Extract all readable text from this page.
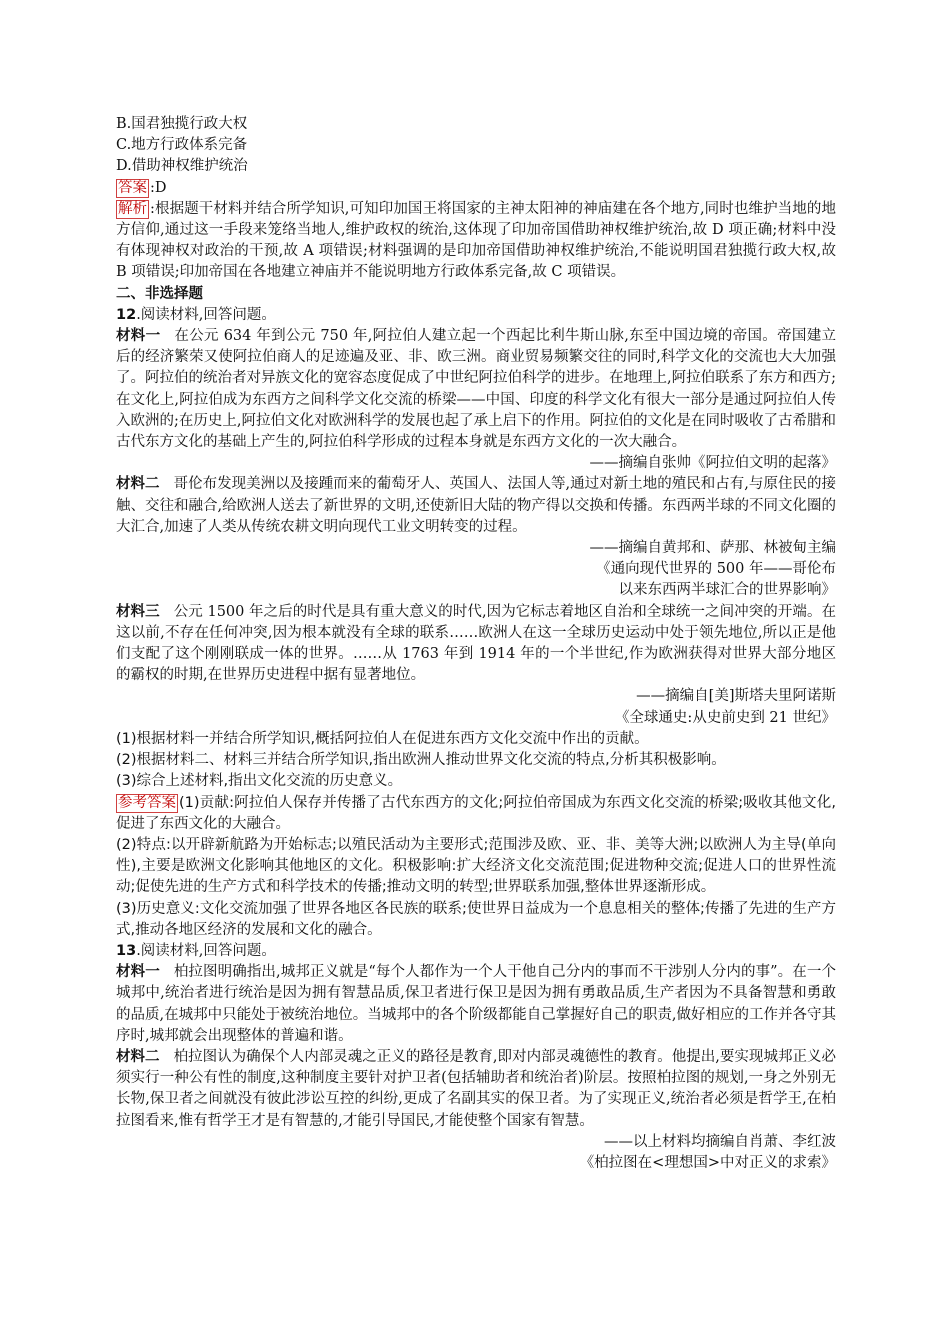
B.国君独揽行政大权
C.地方行政体系完备
D.借助神权维护统治
答案 :D

解析 :根据题干材料并结合所学知识,可知印加国王将国家的主神太阳神的神庙建在各个地方,同时也维护当地的地方信仰,通过这一手段来笼络当地人,维护政权的统治,这体现了印加帝国借助神权维护统治,故 D 项正确;材料中没有体现神权对政治的干预,故 A 项错误;材料强调的是印加帝国借助神权维护统治,不能说明国君独揽行政大权,故 B 项错误;印加帝国在各地建立神庙并不能说明地方行政体系完备,故 C 项错误。

二、非选择题
12.阅读材料,回答问题。

材料一 在公元 634 年到公元 750 年,阿拉伯人建立起一个西起比利牛斯山脉,东至中国边境的帝国。帝国建立后的经济繁荣又使阿拉伯商人的足迹遍及亚、非、欧三洲。商业贸易频繁交往的同时,科学文化的交流也大大加强了。阿拉伯的统治者对异族文化的宽容态度促成了中世纪阿拉伯科学的进步。在地理上,阿拉伯联系了东方和西方;在文化上,阿拉伯成为东西方之间科学文化交流的桥梁——中国、印度的科学文化有很大一部分是通过阿拉伯人传入欧洲的;在历史上,阿拉伯文化对欧洲科学的发展也起了承上启下的作用。阿拉伯的文化是在同时吸收了古希腊和古代东方文化的基础上产生的,阿拉伯科学形成的过程本身就是东西方文化的一次大融合。

——摘编自张帅《阿拉伯文明的起落》

材料二 哥伦布发现美洲以及接踵而来的葡萄牙人、英国人、法国人等,通过对新土地的殖民和占有,与原住民的接触、交往和融合,给欧洲人送去了新世界的文明,还使新旧大陆的物产得以交换和传播。东西两半球的不同文化圈的大汇合,加速了人类从传统农耕文明向现代工业文明转变的过程。

——摘编自黄邦和、萨那、林被甸主编
《通向现代世界的 500 年——哥伦布
以来东西两半球汇合的世界影响》

材料三 公元 1500 年之后的时代是具有重大意义的时代,因为它标志着地区自治和全球统一之间冲突的开端。在这以前,不存在任何冲突,因为根本就没有全球的联系……欧洲人在这一全球历史运动中处于领先地位,所以正是他们支配了这个刚刚联成一体的世界。……从 1763 年到 1914 年的一个半世纪,作为欧洲获得对世界大部分地区的霸权的时期,在世界历史进程中据有显著地位。

——摘编自[美]斯塔夫里阿诺斯
《全球通史:从史前史到 21 世纪》
(1)根据材料一并结合所学知识,概括阿拉伯人在促进东西方文化交流中作出的贡献。
(2)根据材料二、材料三并结合所学知识,指出欧洲人推动世界文化交流的特点,分析其积极影响。
(3)综合上述材料,指出文化交流的历史意义。

参考答案 (1)贡献:阿拉伯人保存并传播了古代东西方的文化;阿拉伯帝国成为东西文化交流的桥梁;吸收其他文化,促进了东西文化的大融合。

(2)特点:以开辟新航路为开始标志;以殖民活动为主要形式;范围涉及欧、亚、非、美等大洲;以欧洲人为主导(单向性),主要是欧洲文化影响其他地区的文化。积极影响:扩大经济文化交流范围;促进物种交流;促进人口的世界性流动;促使先进的生产方式和科学技术的传播;推动文明的转型;世界联系加强,整体世界逐渐形成。

(3)历史意义:文化交流加强了世界各地区各民族的联系;使世界日益成为一个息息相关的整体;传播了先进的生产方式,推动各地区经济的发展和文化的融合。

13.阅读材料,回答问题。

材料一 柏拉图明确指出,城邦正义就是“每个人都作为一个人干他自己分内的事而不干涉别人分内的事”。在一个城邦中,统治者进行统治是因为拥有智慧品质,保卫者进行保卫是因为拥有勇敢品质,生产者因为不具备智慧和勇敢的品质,在城邦中只能处于被统治地位。当城邦中的各个阶级都能自己掌握好自己的职责,做好相应的工作并各守其序时,城邦就会出现整体的普遍和谐。

材料二 柏拉图认为确保个人内部灵魂之正义的路径是教育,即对内部灵魂德性的教育。他提出,要实现城邦正义必须实行一种公有性的制度,这种制度主要针对护卫者(包括辅助者和统治者)阶层。按照柏拉图的规划,一身之外别无长物,保卫者之间就没有彼此涉讼互控的纠纷,更成了名副其实的保卫者。为了实现正义,统治者必须是哲学王,在柏拉图看来,惟有哲学王才是有智慧的,才能引导国民,才能使整个国家有智慧。

——以上材料均摘编自肖萧、李红波
《柏拉图在<理想国>中对正义的求索》
